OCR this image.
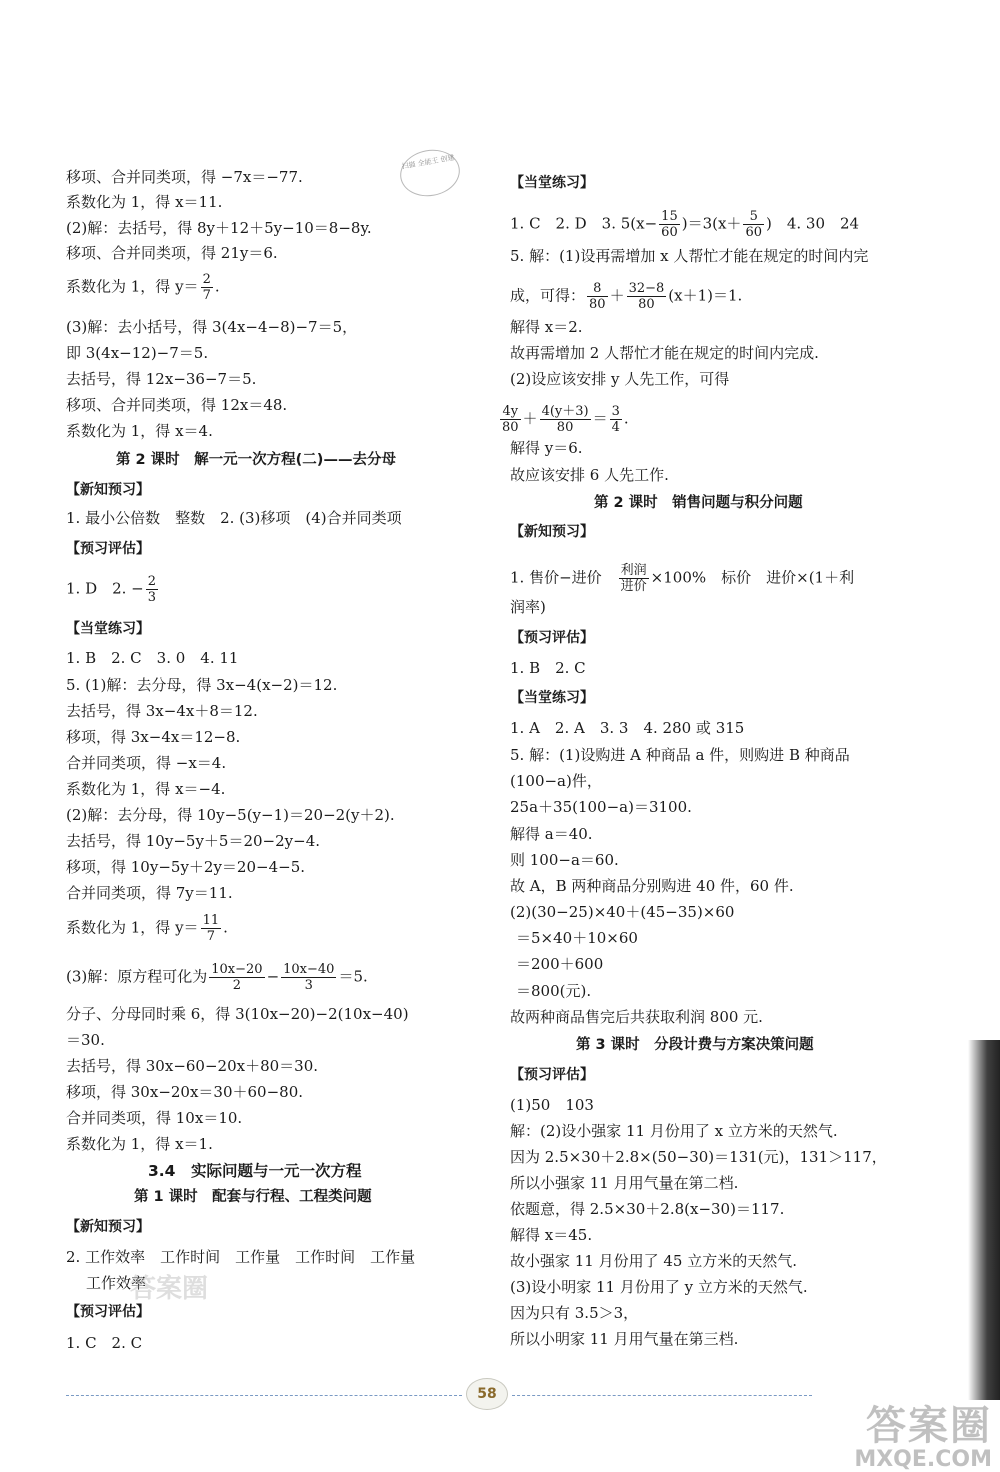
扫描 全能王 创建
移项、合并同类项，得 −7x＝−77.
系数化为 1，得 x＝11.
(2)解：去括号，得 8y＋12＋5y−10＝8−8y.
移项、合并同类项，得 21y＝6.
系数化为 1，得 $y= \frac{2}{7}$ .
(3)解：去小括号，得 3(4x−4−8)−7＝5，
即 3(4x−12)−7＝5.
去括号，得 12x−36−7＝5.
移项、合并同类项，得 12x＝48.
系数化为 1，得 x＝4.
第 2 课时　解一元一次方程(二)——去分母
【新知预习】
1. 最小公倍数　整数　2. (3)移项　(4)合并同类项
【预习评估】
1. D　2. − $\frac{2}{3}$
【当堂练习】
1. B　2. C　3. 0　4. 11
5. (1)解：去分母，得 3x−4(x−2)＝12.
去括号，得 3x−4x＋8＝12.
移项，得 3x−4x＝12−8.
合并同类项，得 −x＝4.
系数化为 1，得 x＝−4.
(2)解：去分母，得 10y−5(y−1)＝20−2(y＋2).
去括号，得 10y−5y＋5＝20−2y−4.
移项，得 10y−5y＋2y＝20−4−5.
合并同类项，得 7y＝11.
系数化为 1，得 $y= \frac{11}{7}$ .
(3)解：原方程可化为 $\frac{10x-20}{2} - \frac{10x-40}{3} =5$.
分子、分母同时乘 6，得 3(10x−20)−2(10x−40)
＝30.
去括号，得 30x−60−20x＋80＝30.
移项，得 30x−20x＝30＋60−80.
合并同类项，得 10x＝10.
系数化为 1，得 x＝1.
3.4　实际问题与一元一次方程
第 1 课时　配套与行程、工程类问题
【新知预习】
2. 工作效率　工作时间　工作量　工作时间　工作量
工作效率
【预习评估】
1. C　2. C
【当堂练习】
1. C　2. D　3. $5(x- \frac{15}{60} )=3(x+ \frac{5}{60}$ )　4. 30　24
5. 解：(1)设再需增加 x 人帮忙才能在规定的时间内完
成，可得： $\frac{8}{80} + \frac{32-8}{80} (x+1)=1$.
解得 x＝2.
故再需增加 2 人帮忙才能在规定的时间内完成.
(2)设应该安排 y 人先工作，可得
$\frac{4y}{80} + \frac{4(y+3)}{80} = \frac{3}{4}$ .
解得 y＝6.
故应该安排 6 人先工作.
第 2 课时　销售问题与积分问题
【新知预习】
1. 售价−进价　 $\frac{\text{利润}}{\text{进价}} \times 100\%$　标价　进价×(1＋利
润率)
【预习评估】
1. B　2. C
【当堂练习】
1. A　2. A　3. 3　4. 280 或 315
5. 解：(1)设购进 A 种商品 a 件，则购进 B 种商品
(100−a)件，
25a＋35(100−a)＝3100.
解得 a＝40.
则 100−a＝60.
故 A，B 两种商品分别购进 40 件，60 件.
(2)(30−25)×40＋(45−35)×60
＝5×40＋10×60
＝200＋600
＝800(元).
故两种商品售完后共获取利润 800 元.
第 3 课时　分段计费与方案决策问题
【预习评估】
(1)50　103
解：(2)设小强家 11 月份用了 x 立方米的天然气.
因为 2.5×30＋2.8×(50−30)＝131(元)，131＞117，
所以小强家 11 月用气量在第二档.
依题意，得 2.5×30＋2.8(x−30)＝117.
解得 x＝45.
故小强家 11 月份用了 45 立方米的天然气.
(3)设小明家 11 月份用了 y 立方米的天然气.
因为只有 3.5＞3，
所以小明家 11 月用气量在第三档.
答案圈
58
答案圈
MXQE.COM
